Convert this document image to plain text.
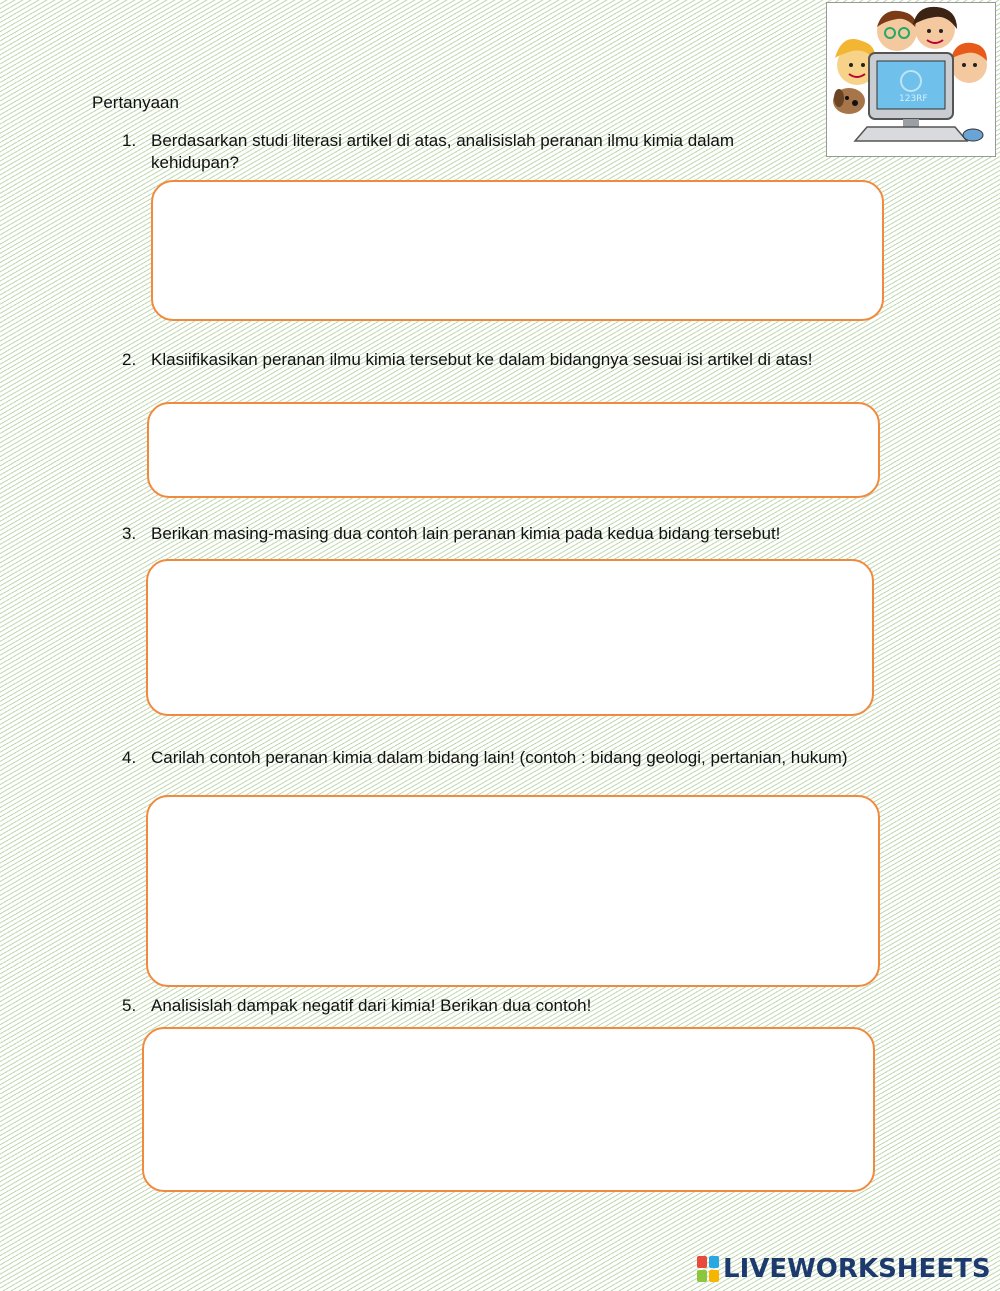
123RF
Pertanyaan
1. Berdasarkan studi literasi artikel di atas, analisislah peranan ilmu kimia dalam kehidupan?
2. Klasiifikasikan peranan ilmu kimia tersebut ke dalam bidangnya sesuai isi artikel di atas!
3. Berikan masing-masing dua contoh lain peranan kimia pada kedua bidang tersebut!
4. Carilah contoh peranan kimia dalam bidang lain! (contoh : bidang geologi, pertanian, hukum)
5. Analisislah dampak negatif dari kimia! Berikan dua contoh!
LIVEWORKSHEETS
